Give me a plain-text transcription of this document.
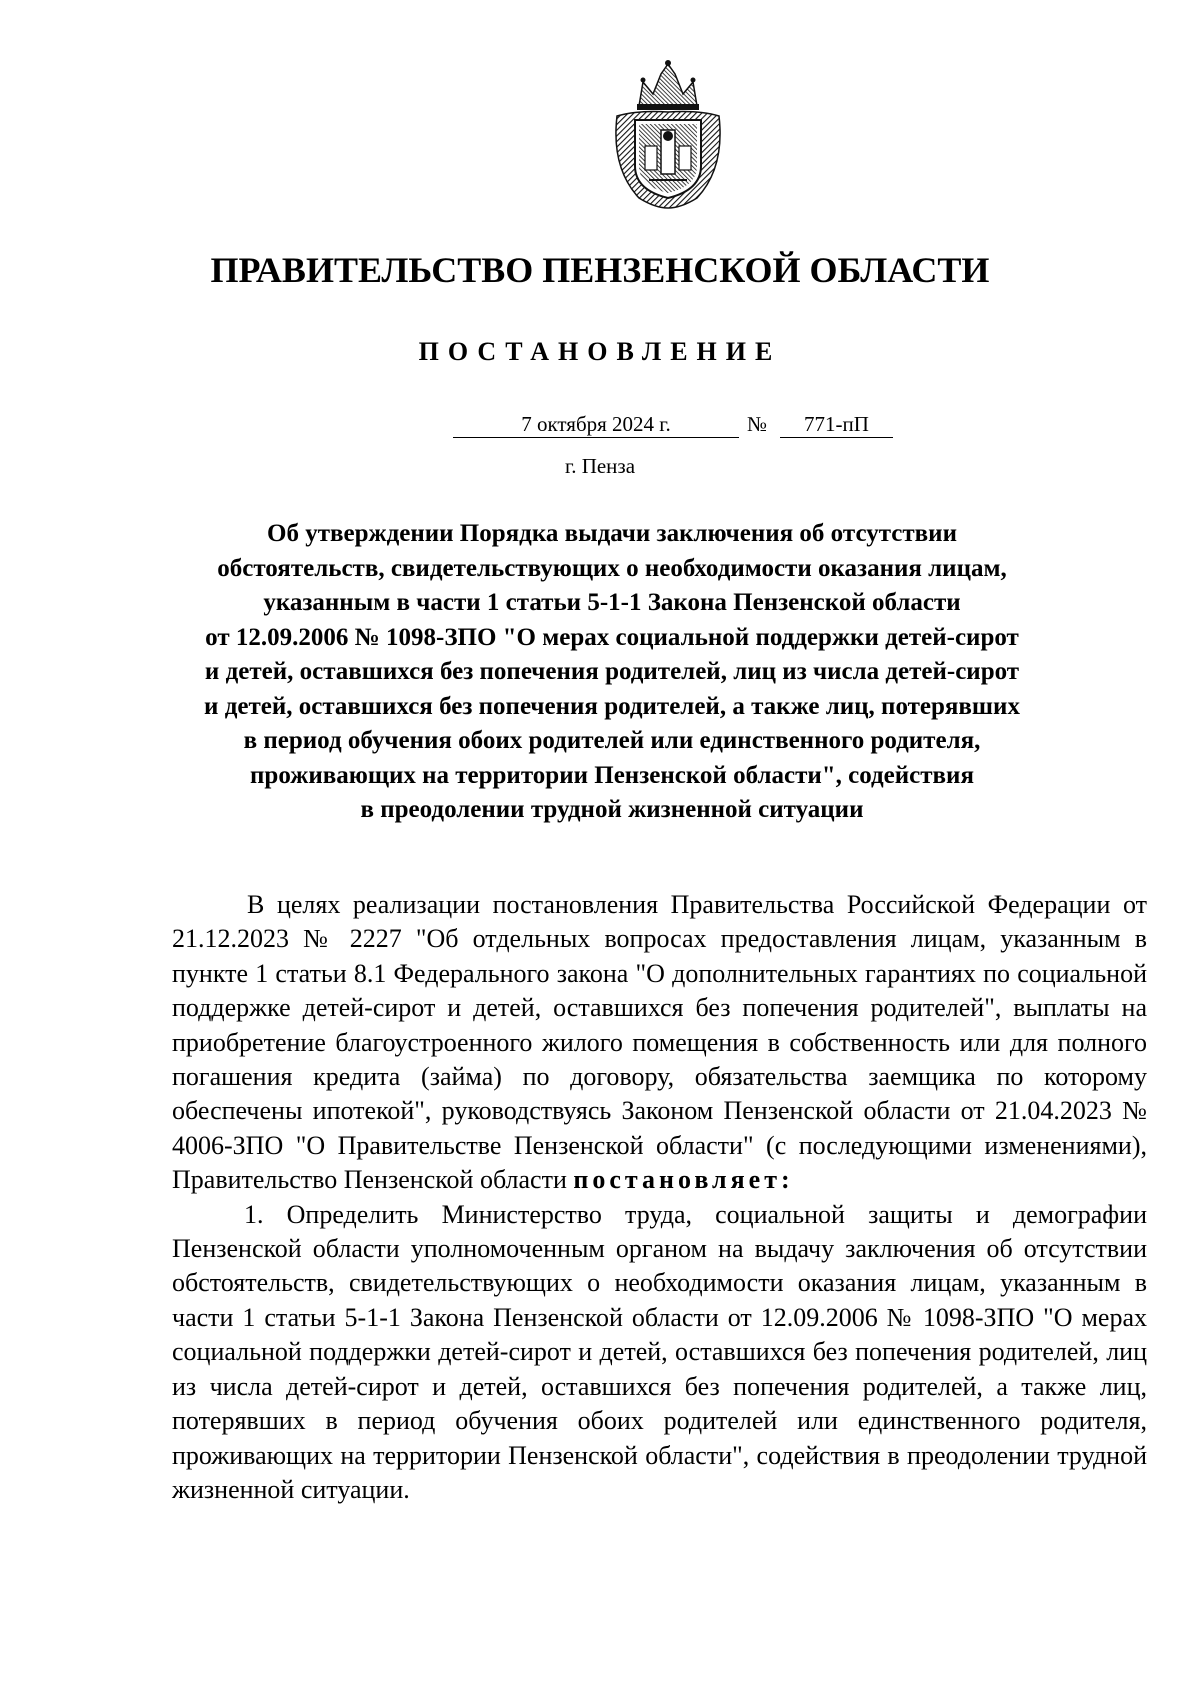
ПРАВИТЕЛЬСТВО ПЕНЗЕНСКОЙ ОБЛАСТИ
ПОСТАНОВЛЕНИЕ
7 октября 2024 г.	№	771-пП
г. Пенза
Об утверждении Порядка выдачи заключения об отсутствии
обстоятельств, свидетельствующих о необходимости оказания лицам,
указанным в части 1 статьи 5-1-1 Закона Пензенской области
от 12.09.2006 № 1098-ЗПО "О мерах социальной поддержки детей-сирот
и детей, оставшихся без попечения родителей, лиц из числа детей-сирот
и детей, оставшихся без попечения родителей, а также лиц, потерявших
в период обучения обоих родителей или единственного родителя,
проживающих на территории Пензенской области", содействия
в преодолении трудной жизненной ситуации

В целях реализации постановления Правительства Российской Федерации от 21.12.2023 № 2227 "Об отдельных вопросах предоставления лицам, указанным в пункте 1 статьи 8.1 Федерального закона "О дополнительных гарантиях по социальной поддержке детей-сирот и детей, оставшихся без попечения родителей", выплаты на приобретение благоустроенного жилого помещения в собственность или для полного погашения кредита (займа) по договору, обязательства заемщика по которому обеспечены ипотекой", руководствуясь Законом Пензенской области от 21.04.2023 № 4006-ЗПО "О Правительстве Пензенской области" (с последующими изменениями), Правительство Пензенской области постановляет:

1. Определить Министерство труда, социальной защиты и демографии Пензенской области уполномоченным органом на выдачу заключения об отсутствии обстоятельств, свидетельствующих о необходимости оказания лицам, указанным в части 1 статьи 5-1-1 Закона Пензенской области от 12.09.2006 № 1098-ЗПО "О мерах социальной поддержки детей-сирот и детей, оставшихся без попечения родителей, лиц из числа детей-сирот и детей, оставшихся без попечения родителей, а также лиц, потерявших в период обучения обоих родителей или единственного родителя, проживающих на территории Пензенской области", содействия в преодолении трудной жизненной ситуации.
